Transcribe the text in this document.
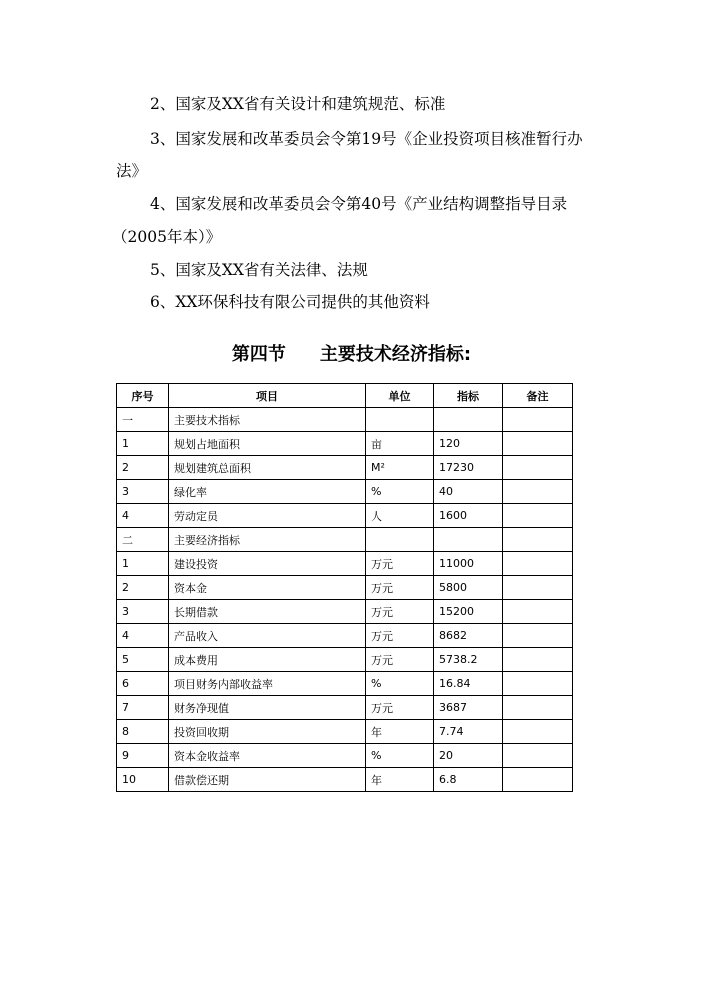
2、国家及XX省有关设计和建筑规范、标准
3、国家发展和改革委员会令第19号《企业投资项目核准暂行办
法》
4、国家发展和改革委员会令第40号《产业结构调整指导目录
（2005年本）》
5、国家及XX省有关法律、法规
6、XX环保科技有限公司提供的其他资料
第四节 主要技术经济指标:
序号	项目	单位	指标	备注
一	主要技术指标			
1	规划占地面积	亩	120	
2	规划建筑总面积	M²	17230	
3	绿化率	%	40	
4	劳动定员	人	1600	
二	主要经济指标			
1	建设投资	万元	11000	
2	资本金	万元	5800	
3	长期借款	万元	15200	
4	产品收入	万元	8682	
5	成本费用	万元	5738.2	
6	项目财务内部收益率	%	16.84	
7	财务净现值	万元	3687	
8	投资回收期	年	7.74	
9	资本金收益率	%	20	
10	借款偿还期	年	6.8	
